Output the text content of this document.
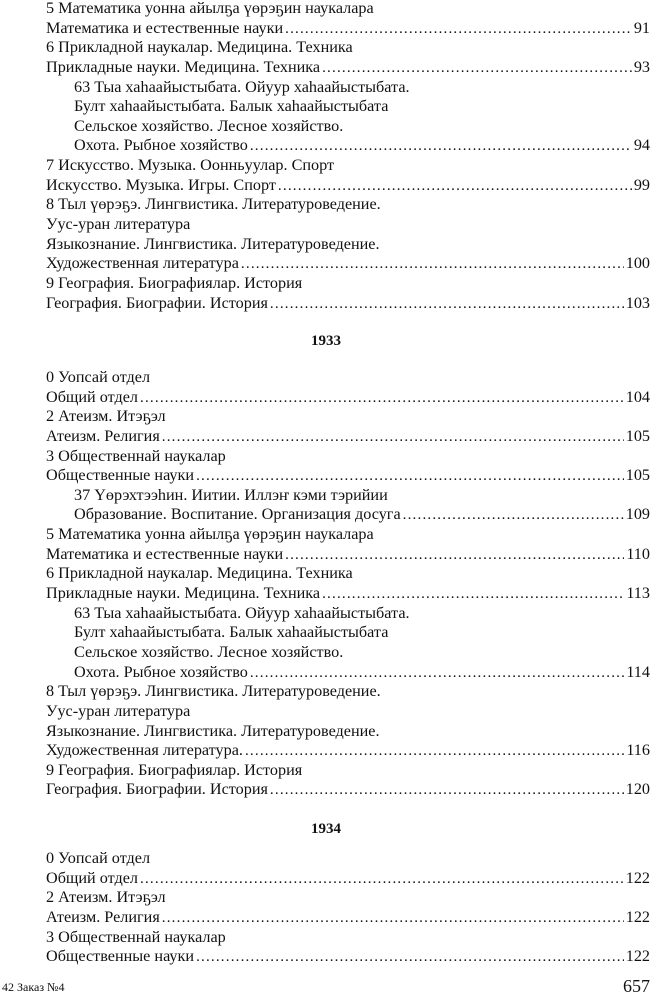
1933
1934
5 Математика уонна айылҕа үөрэҕин наукалара
Математика и естественные науки .....	91
6 Прикладной наукалар. Медицина. Техника
Прикладные науки. Медицина. Техника .....	93
63 Тыа хаһаайыстыбата. Ойуур хаһаайыстыбата.
Булт хаһаайыстыбата. Балык хаһаайыстыбата
Сельское хозяйство. Лесное хозяйство.
Охота. Рыбное хозяйство .....	94
7 Искусство. Музыка. Оонньуулар. Спорт
Искусство. Музыка. Игры. Спорт .....	99
8 Тыл үөрэҕэ. Лингвистика. Литературоведение.
Уус-уран литература
Языкознание. Лингвистика. Литературоведение.
Художественная литература .....	100
9 География. Биографиялар. История
География. Биографии. История .....	103
0 Уопсай отдел
Общий отдел .....	104
2 Атеизм. Итэҕэл
Атеизм. Религия .....	105
3 Общественнай наукалар
Общественные науки .....	105
37 Үөрэхтээһин. Иитии. Иллэҥ кэми тэрийии
Образование. Воспитание. Организация досуга .....	109
5 Математика уонна айылҕа үөрэҕин наукалара
Математика и естественные науки .....	110
6 Прикладной наукалар. Медицина. Техника
Прикладные науки. Медицина. Техника .....	113
63 Тыа хаһаайыстыбата. Ойуур хаһаайыстыбата.
Булт хаһаайыстыбата. Балык хаһаайыстыбата
Сельское хозяйство. Лесное хозяйство.
Охота. Рыбное хозяйство .....	114
8 Тыл үөрэҕэ. Лингвистика. Литературоведение.
Уус-уран литература
Языкознание. Лингвистика. Литературоведение.
Художественная литература. .....	116
9 География. Биографиялар. История
География. Биографии. История .....	120
0 Уопсай отдел
Общий отдел .....	122
2 Атеизм. Итэҕэл
Атеизм. Религия .....	122
3 Общественнай наукалар
Общественные науки .....	122
42 Заказ №4	657
